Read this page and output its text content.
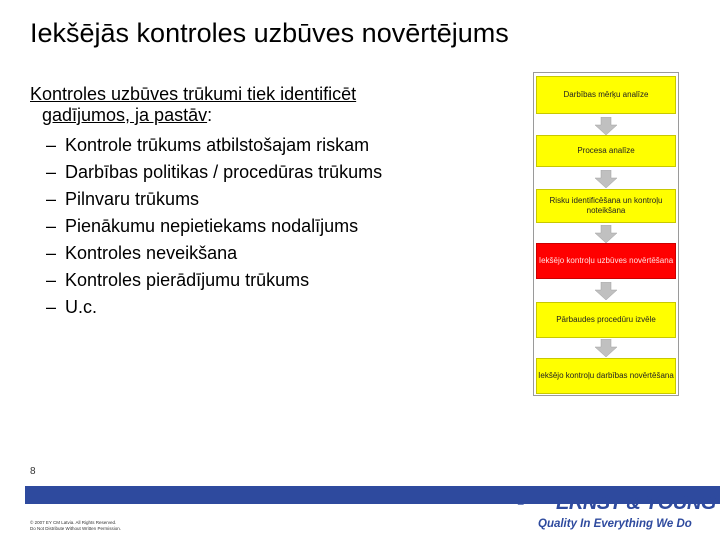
Iekšējās kontroles uzbūves novērtējums
Kontroles uzbūves trūkumi tiek identificēt
gadījumos, ja pastāv:
– Kontrole trūkums atbilstošajam riskam
– Darbības politikas / procedūras trūkums
– Pilnvaru trūkums
– Pienākumu nepietiekams nodalījums
– Kontroles neveikšana
– Kontroles pierādījumu trūkums
– U.c.
Darbības mērķu analīze
Procesa analīze
Risku identificēšana un kontroļu noteikšana
Iekšējo kontroļu uzbūves novērtēšana
Pārbaudes procedūru izvēle
Iekšējo kontroļu darbības novērtēšana
8
© 2007 EY CM Latvia. All Rights Reserved.
Do Not Distribute Without Written Permission.
ERNST & YOUNG
Quality In Everything We Do
